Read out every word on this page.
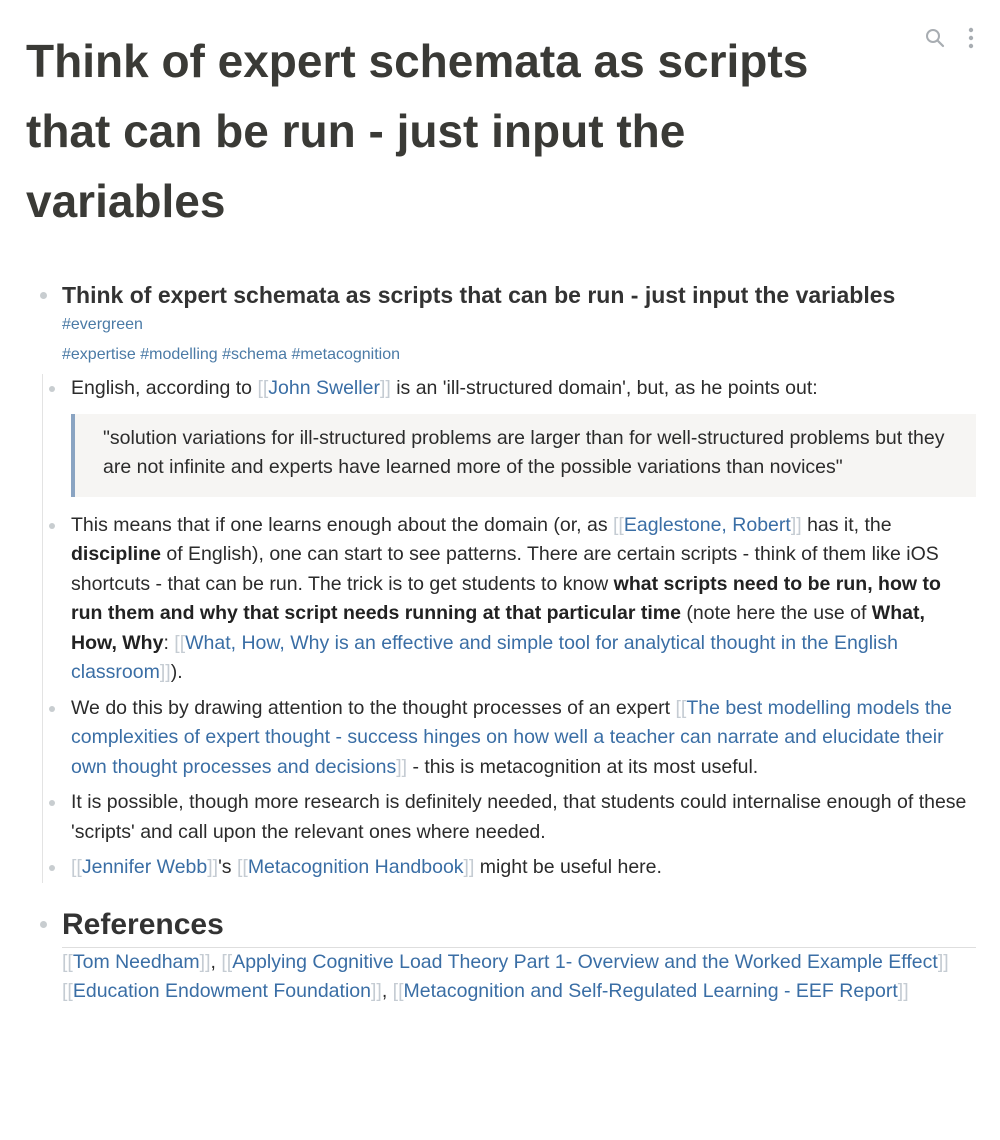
Think of expert schemata as scripts that can be run - just input the variables
Think of expert schemata as scripts that can be run - just input the variables
#evergreen
#expertise #modelling #schema #metacognition
English, according to [[John Sweller]] is an 'ill-structured domain', but, as he points out:
"solution variations for ill-structured problems are larger than for well-structured problems but they are not infinite and experts have learned more of the possible variations than novices"
This means that if one learns enough about the domain (or, as [[Eaglestone, Robert]] has it, the discipline of English), one can start to see patterns. There are certain scripts - think of them like iOS shortcuts - that can be run. The trick is to get students to know what scripts need to be run, how to run them and why that script needs running at that particular time (note here the use of What, How, Why: [[What, How, Why is an effective and simple tool for analytical thought in the English classroom]]).
We do this by drawing attention to the thought processes of an expert [[The best modelling models the complexities of expert thought - success hinges on how well a teacher can narrate and elucidate their own thought processes and decisions]] - this is metacognition at its most useful.
It is possible, though more research is definitely needed, that students could internalise enough of these 'scripts' and call upon the relevant ones where needed.
[[Jennifer Webb]]'s [[Metacognition Handbook]] might be useful here.
References
[[Tom Needham]], [[Applying Cognitive Load Theory Part 1- Overview and the Worked Example Effect]]
[[Education Endowment Foundation]], [[Metacognition and Self-Regulated Learning - EEF Report]]
